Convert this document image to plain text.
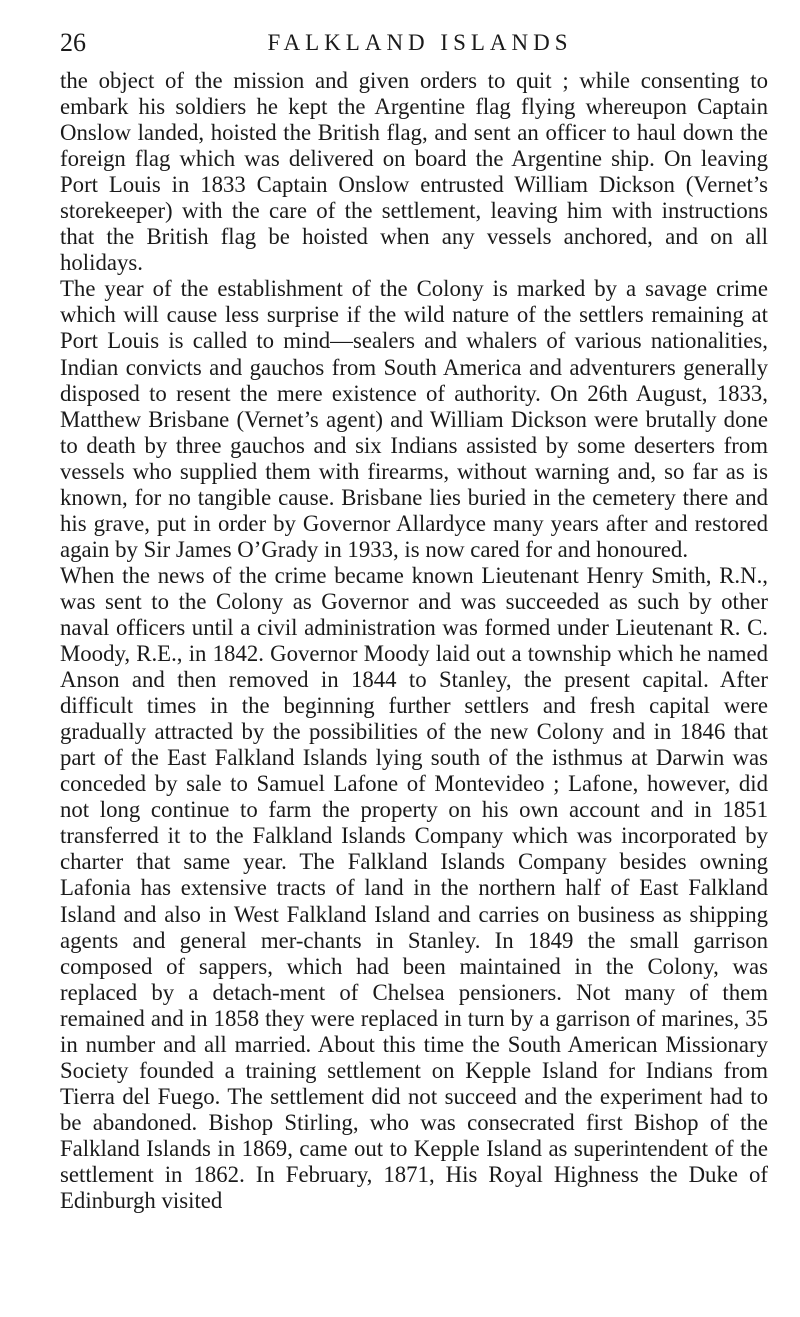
26	FALKLAND ISLANDS

the object of the mission and given orders to quit ; while consenting to embark his soldiers he kept the Argentine flag flying whereupon Captain Onslow landed, hoisted the British flag, and sent an officer to haul down the foreign flag which was delivered on board the Argentine ship. On leaving Port Louis in 1833 Captain Onslow entrusted William Dickson (Vernet’s storekeeper) with the care of the settlement, leaving him with instructions that the British flag be hoisted when any vessels anchored, and on all holidays.

The year of the establishment of the Colony is marked by a savage crime which will cause less surprise if the wild nature of the settlers remaining at Port Louis is called to mind—sealers and whalers of various nationalities, Indian convicts and gauchos from South America and adventurers generally disposed to resent the mere existence of authority. On 26th August, 1833, Matthew Brisbane (Vernet’s agent) and William Dickson were brutally done to death by three gauchos and six Indians assisted by some deserters from vessels who supplied them with firearms, without warning and, so far as is known, for no tangible cause. Brisbane lies buried in the cemetery there and his grave, put in order by Governor Allardyce many years after and restored again by Sir James O’Grady in 1933, is now cared for and honoured.

When the news of the crime became known Lieutenant Henry Smith, R.N., was sent to the Colony as Governor and was succeeded as such by other naval officers until a civil administration was formed under Lieutenant R. C. Moody, R.E., in 1842. Governor Moody laid out a township which he named Anson and then removed in 1844 to Stanley, the present capital. After difficult times in the beginning further settlers and fresh capital were gradually attracted by the possibilities of the new Colony and in 1846 that part of the East Falkland Islands lying south of the isthmus at Darwin was conceded by sale to Samuel Lafone of Montevideo ; Lafone, however, did not long continue to farm the property on his own account and in 1851 transferred it to the Falkland Islands Company which was incorporated by charter that same year. The Falkland Islands Company besides owning Lafonia has extensive tracts of land in the northern half of East Falkland Island and also in West Falkland Island and carries on business as shipping agents and general mer-chants in Stanley. In 1849 the small garrison composed of sappers, which had been maintained in the Colony, was replaced by a detach-ment of Chelsea pensioners. Not many of them remained and in 1858 they were replaced in turn by a garrison of marines, 35 in number and all married. About this time the South American Missionary Society founded a training settlement on Kepple Island for Indians from Tierra del Fuego. The settlement did not succeed and the experiment had to be abandoned. Bishop Stirling, who was consecrated first Bishop of the Falkland Islands in 1869, came out to Kepple Island as superintendent of the settlement in 1862. In February, 1871, His Royal Highness the Duke of Edinburgh visited
